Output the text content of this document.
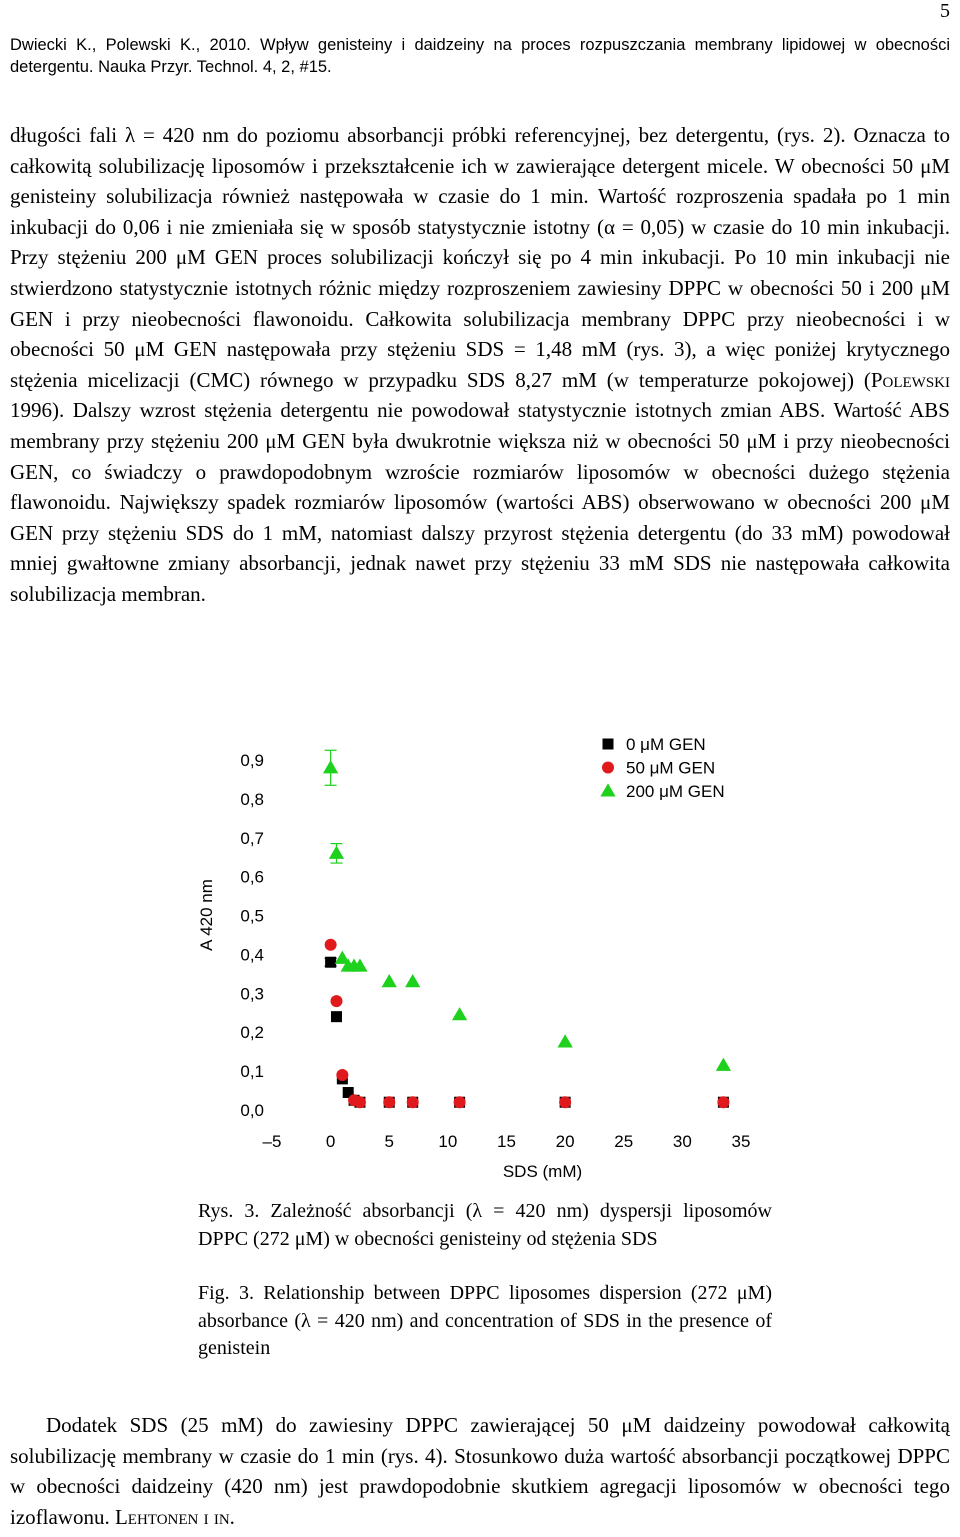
5
Dwiecki K., Polewski K., 2010. Wpływ genisteiny i daidzeiny na proces rozpuszczania membrany lipidowej w obecności detergentu. Nauka Przyr. Technol. 4, 2, #15.

długości fali λ = 420 nm do poziomu absorbancji próbki referencyjnej, bez detergentu, (rys. 2). Oznacza to całkowitą solubilizację liposomów i przekształcenie ich w zawierające detergent micele. W obecności 50 μM genisteiny solubilizacja również następowała w czasie do 1 min. Wartość rozproszenia spadała po 1 min inkubacji do 0,06 i nie zmieniała się w sposób statystycznie istotny (α = 0,05) w czasie do 10 min inkubacji. Przy stężeniu 200 μM GEN proces solubilizacji kończył się po 4 min inkubacji. Po 10 min inkubacji nie stwierdzono statystycznie istotnych różnic między rozproszeniem zawiesiny DPPC w obecności 50 i 200 μM GEN i przy nieobecności flawonoidu. Całkowita solubilizacja membrany DPPC przy nieobecności i w obecności 50 μM GEN następowała przy stężeniu SDS = 1,48 mM (rys. 3), a więc poniżej krytycznego stężenia micelizacji (CMC) równego w przypadku SDS 8,27 mM (w temperaturze pokojowej) (Polewski 1996). Dalszy wzrost stężenia detergentu nie powodował statystycznie istotnych zmian ABS. Wartość ABS membrany przy stężeniu 200 μM GEN była dwukrotnie większa niż w obecności 50 μM i przy nieobecności GEN, co świadczy o prawdopodobnym wzroście rozmiarów liposomów w obecności dużego stężenia flawonoidu. Największy spadek rozmiarów liposomów (wartości ABS) obserwowano w obecności 200 μM GEN przy stężeniu SDS do 1 mM, natomiast dalszy przyrost stężenia detergentu (do 33 mM) powodował mniej gwałtowne zmiany absorbancji, jednak nawet przy stężeniu 33 mM SDS nie następowała całkowita solubilizacja membran.

0,0
0,1
0,2
0,3
0,4
0,5
0,6
0,7
0,8
0,9
–5	0	5	10 15 20 25 30 35
SDS (mM)
A 420 nm
0 μM GEN
50 μM GEN
200 μM GEN

Rys. 3. Zależność absorbancji (λ = 420 nm) dyspersji liposomów DPPC (272 μM) w obecności genisteiny od stężenia SDS

Fig. 3. Relationship between DPPC liposomes dispersion (272 μM) absorbance (λ = 420 nm) and concentration of SDS in the presence of genistein

Dodatek SDS (25 mM) do zawiesiny DPPC zawierającej 50 μM daidzeiny powodował całkowitą solubilizację membrany w czasie do 1 min (rys. 4). Stosunkowo duża wartość absorbancji początkowej DPPC w obecności daidzeiny (420 nm) jest prawdopodobnie skutkiem agregacji liposomów w obecności tego izoflawonu. Lehtonen i in.
